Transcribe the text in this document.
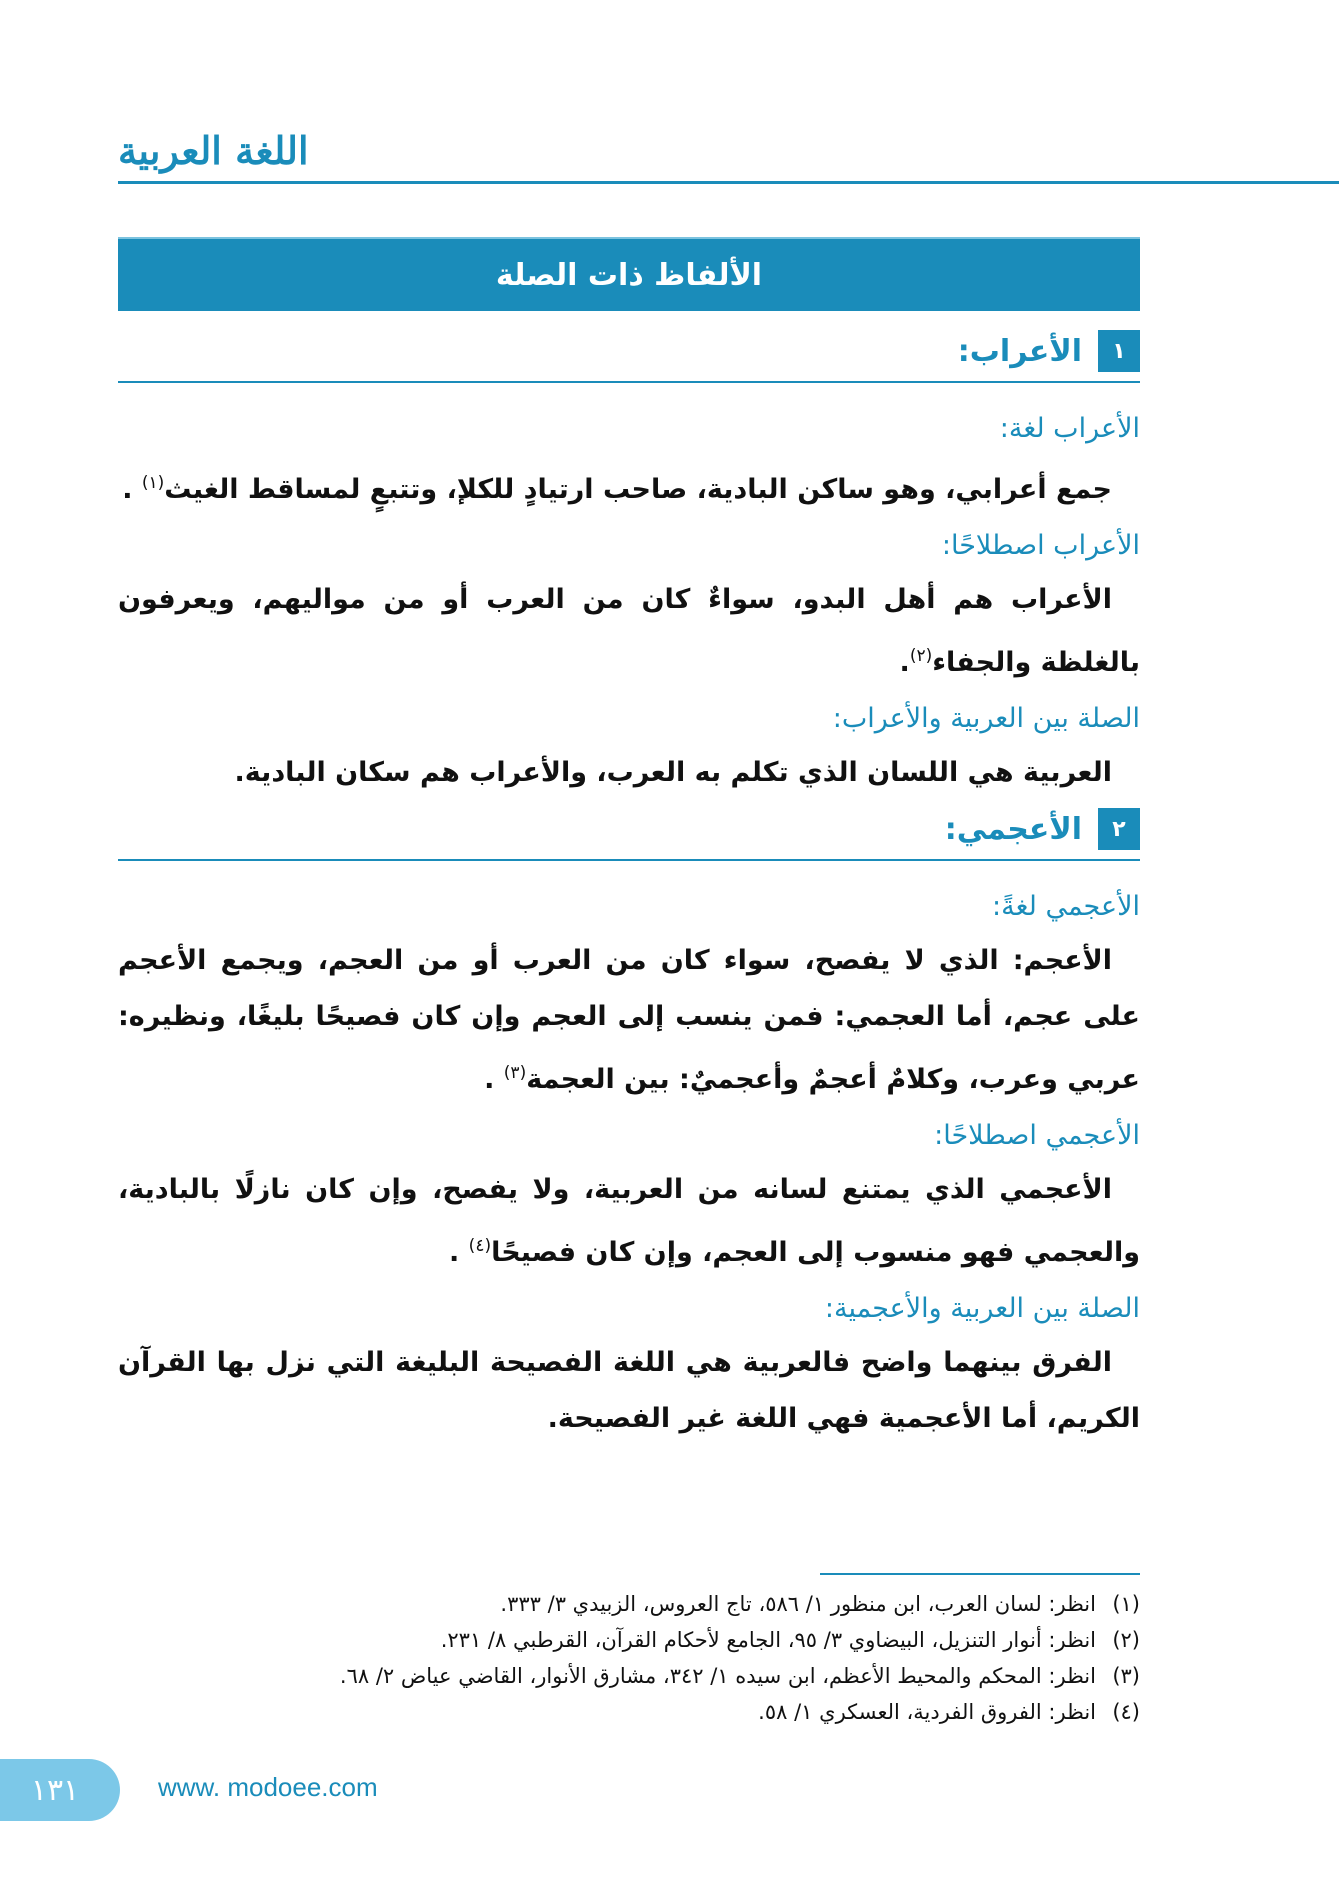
اللغة العربية
الألفاظ ذات الصلة
١
الأعراب:
الأعراب لغة:

جمع أعرابي، وهو ساكن البادية، صاحب ارتيادٍ للكلإ، وتتبعٍ لمساقط الغيث$^{(١)}$ .

الأعراب اصطلاحًا:

الأعراب هم أهل البدو، سواءٌ كان من العرب أو من مواليهم، ويعرفون بالغلظة والجفاء$^{(٢)}$.

الصلة بين العربية والأعراب:

العربية هي اللسان الذي تكلم به العرب، والأعراب هم سكان البادية.

٢
الأعجمي:
الأعجمي لغةً:

الأعجم: الذي لا يفصح، سواء كان من العرب أو من العجم، ويجمع الأعجم على عجم، أما العجمي: فمن ينسب إلى العجم وإن كان فصيحًا بليغًا، ونظيره: عربي وعرب، وكلامٌ أعجمٌ وأعجميٌ: بين العجمة$^{(٣)}$ .

الأعجمي اصطلاحًا:

الأعجمي الذي يمتنع لسانه من العربية، ولا يفصح، وإن كان نازلًا بالبادية، والعجمي فهو منسوب إلى العجم، وإن كان فصيحًا$^{(٤)}$ .

الصلة بين العربية والأعجمية:

الفرق بينهما واضح فالعربية هي اللغة الفصيحة البليغة التي نزل بها القرآن الكريم، أما الأعجمية فهي اللغة غير الفصيحة.

(١)
انظر: لسان العرب، ابن منظور ١/ ٥٨٦، تاج العروس، الزبيدي ٣/ ٣٣٣.
(٢)
انظر: أنوار التنزيل، البيضاوي ٣/ ٩٥، الجامع لأحكام القرآن، القرطبي ٨/ ٢٣١.
(٣)
انظر: المحكم والمحيط الأعظم، ابن سيده ١/ ٣٤٢، مشارق الأنوار، القاضي عياض ٢/ ٦٨.
(٤)
انظر: الفروق الفردية، العسكري ١/ ٥٨.
١٣١	www. modoee.com
